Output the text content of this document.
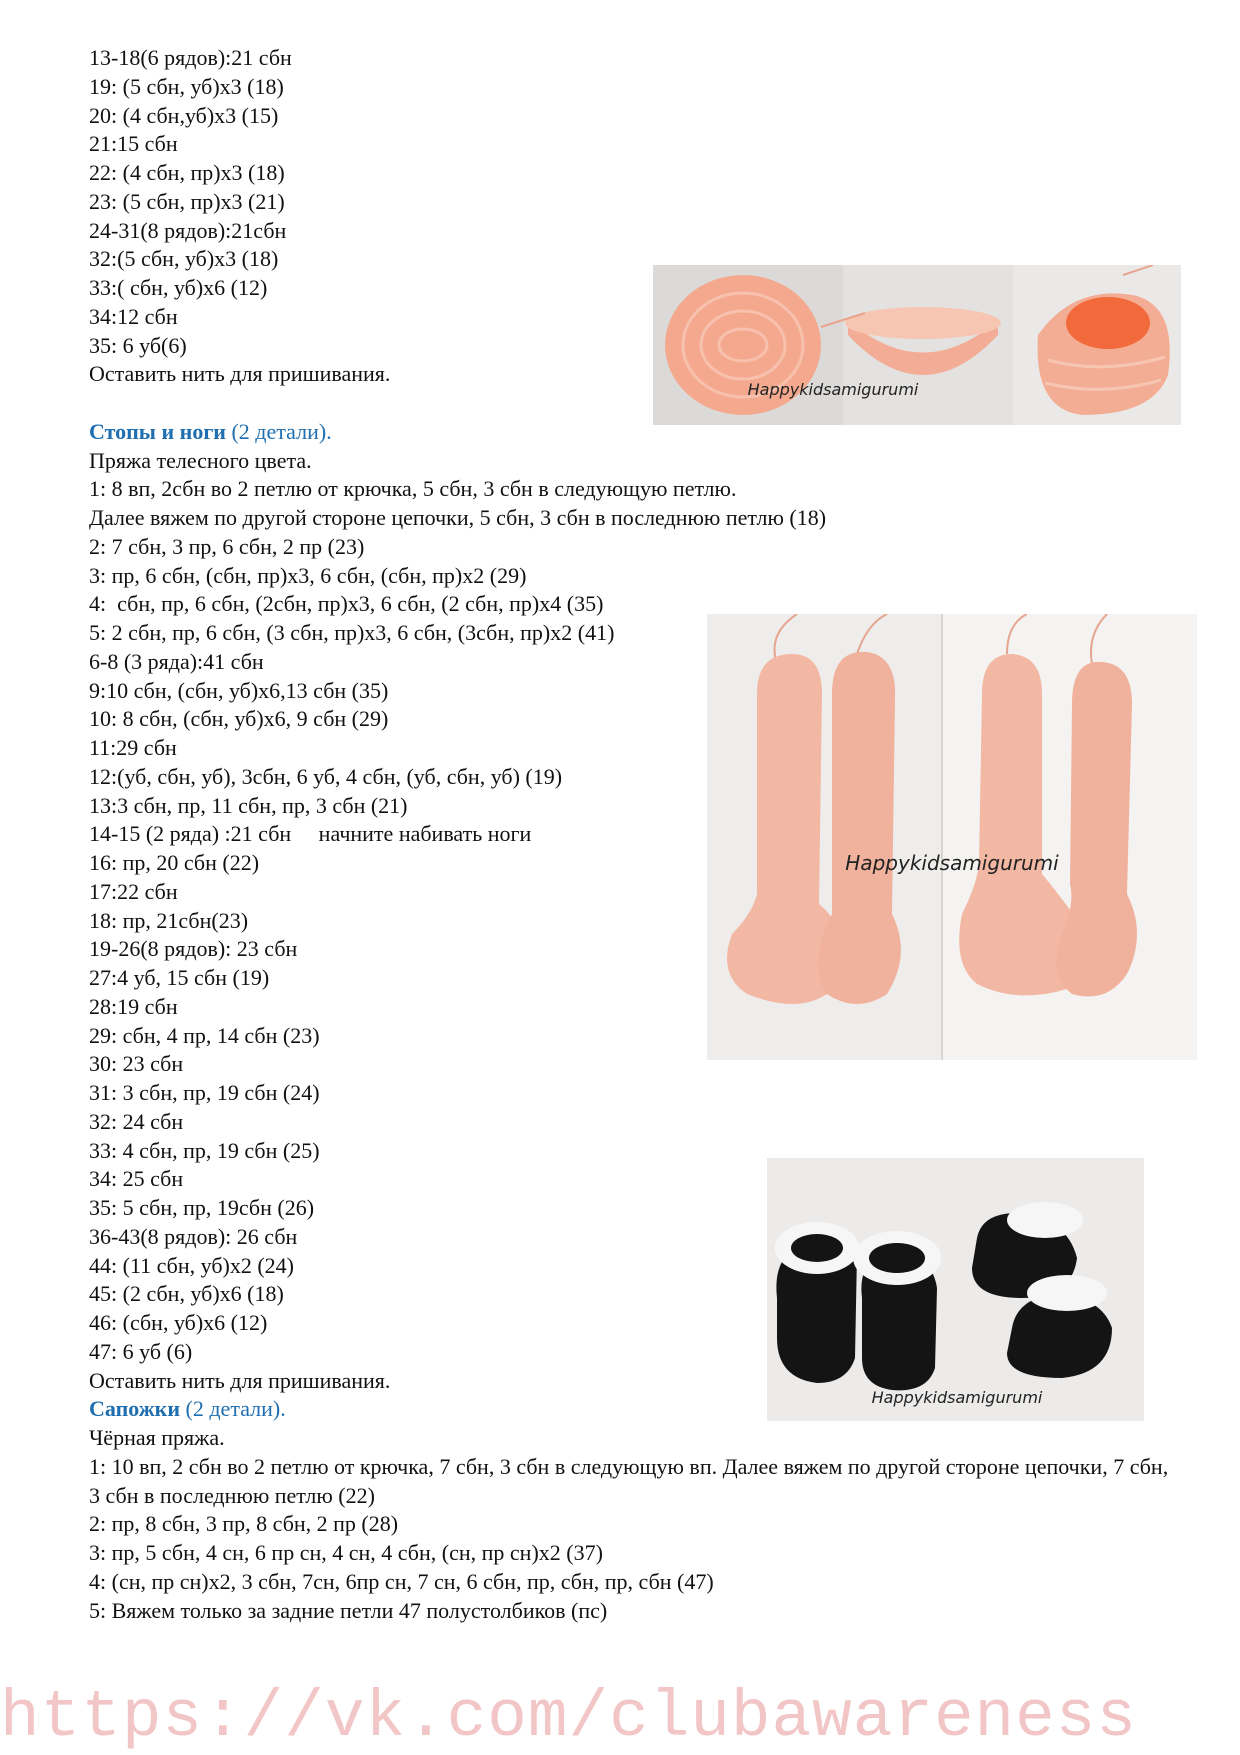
13-18(6 рядов):21 сбн
19: (5 сбн, уб)х3 (18)
20: (4 сбн,уб)х3 (15)
21:15 сбн
22: (4 сбн, пр)х3 (18)
23: (5 сбн, пр)х3 (21)
24-31(8 рядов):21сбн
32:(5 сбн, уб)х3 (18)
33:( сбн, уб)х6 (12)
34:12 сбн
35: 6 уб(6)
Оставить нить для пришивания.
Стопы и ноги (2 детали).
Пряжа телесного цвета.
1: 8 вп, 2сбн во 2 петлю от крючка, 5 сбн, 3 сбн в следующую петлю.
Далее вяжем по другой стороне цепочки, 5 сбн, 3 сбн в последнюю петлю (18)
2: 7 сбн, 3 пр, 6 сбн, 2 пр (23)
3: пр, 6 сбн, (сбн, пр)х3, 6 сбн, (сбн, пр)х2 (29)
4:  сбн, пр, 6 сбн, (2сбн, пр)х3, 6 сбн, (2 сбн, пр)х4 (35)
5: 2 сбн, пр, 6 сбн, (3 сбн, пр)х3, 6 сбн, (3сбн, пр)х2 (41)
6-8 (3 ряда):41 сбн
9:10 сбн, (сбн, уб)х6,13 сбн (35)
10: 8 сбн, (сбн, уб)х6, 9 сбн (29)
11:29 сбн
12:(уб, сбн, уб), 3сбн, 6 уб, 4 сбн, (уб, сбн, уб) (19)
13:3 сбн, пр, 11 сбн, пр, 3 сбн (21)
14-15 (2 ряда) :21 сбн     начните набивать ноги
16: пр, 20 сбн (22)
17:22 сбн
18: пр, 21сбн(23)
19-26(8 рядов): 23 сбн
27:4 уб, 15 сбн (19)
28:19 сбн
29: сбн, 4 пр, 14 сбн (23)
30: 23 сбн
31: 3 сбн, пр, 19 сбн (24)
32: 24 сбн
33: 4 сбн, пр, 19 сбн (25)
34: 25 сбн
35: 5 сбн, пр, 19сбн (26)
36-43(8 рядов): 26 сбн
44: (11 сбн, уб)х2 (24)
45: (2 сбн, уб)х6 (18)
46: (сбн, уб)х6 (12)
47: 6 уб (6)
Оставить нить для пришивания.
Сапожки (2 детали).
Чёрная пряжа.
1: 10 вп, 2 сбн во 2 петлю от крючка, 7 сбн, 3 сбн в следующую вп. Далее вяжем по другой стороне цепочки, 7 сбн, 3 сбн в последнюю петлю (22)
2: пр, 8 сбн, 3 пр, 8 сбн, 2 пр (28)
3: пр, 5 сбн, 4 сн, 6 пр сн, 4 сн, 4 сбн, (сн, пр сн)х2 (37)
4: (сн, пр сн)х2, 3 сбн, 7сн, 6пр сн, 7 сн, 6 сбн, пр, сбн, пр, сбн (47)
5: Вяжем только за задние петли 47 полустолбиков (пс)
Happykidsamigurumi
Happykidsamigurumi
Happykidsamigurumi
https://vk.com/clubawareness
